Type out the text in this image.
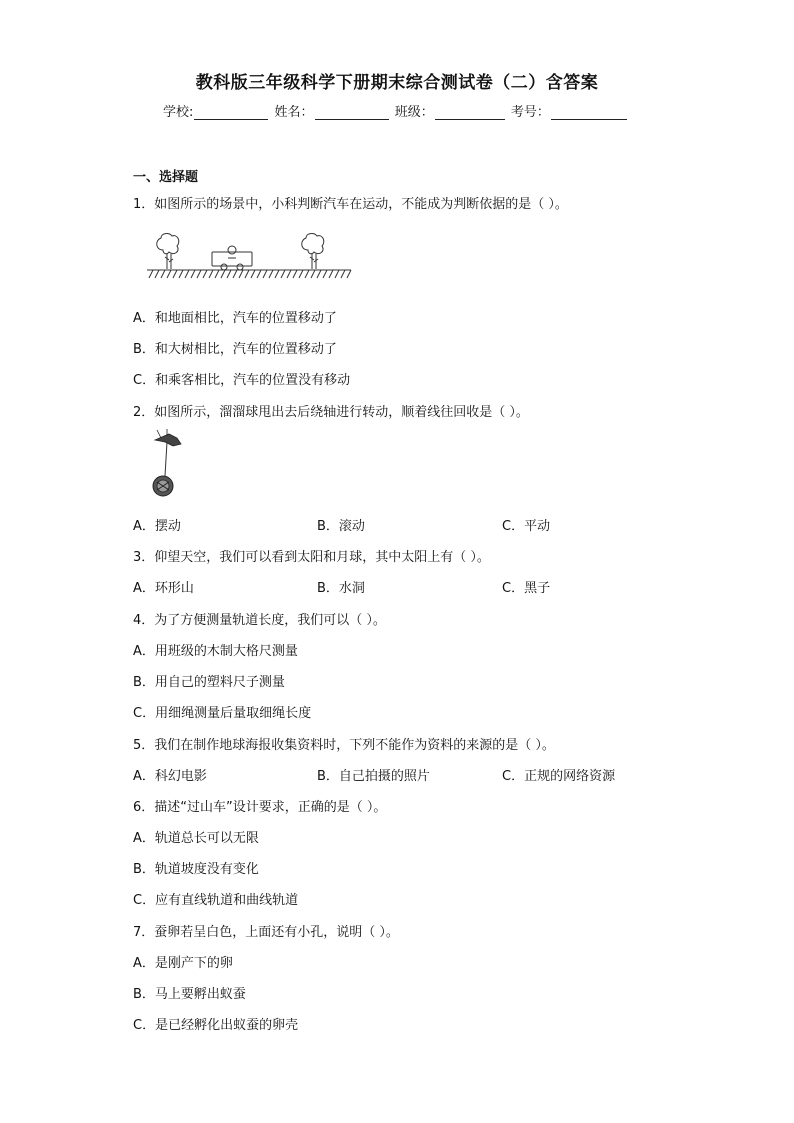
教科版三年级科学下册期末综合测试卷（二）含答案
学校:	姓名：	班级：	考号：
一、选择题
1．如图所示的场景中，小科判断汽车在运动，不能成为判断依据的是（ ）。
A．和地面相比，汽车的位置移动了
B．和大树相比，汽车的位置移动了
C．和乘客相比，汽车的位置没有移动
2．如图所示，溜溜球甩出去后绕轴进行转动，顺着线往回收是（ ）。
A．摆动	B．滚动	C．平动
3．仰望天空，我们可以看到太阳和月球，其中太阳上有（ ）。
A．环形山	B．水洞	C．黑子
4．为了方便测量轨道长度，我们可以（ ）。
A．用班级的木制大格尺测量
B．用自己的塑料尺子测量
C．用细绳测量后量取细绳长度
5．我们在制作地球海报收集资料时，下列不能作为资料的来源的是（ ）。
A．科幻电影	B．自己拍摄的照片	C．正规的网络资源
6．描述“过山车”设计要求，正确的是（ ）。
A．轨道总长可以无限
B．轨道坡度没有变化
C．应有直线轨道和曲线轨道
7．蚕卵若呈白色，上面还有小孔，说明（ ）。
A．是刚产下的卵
B．马上要孵出蚁蚕
C．是已经孵化出蚁蚕的卵壳
